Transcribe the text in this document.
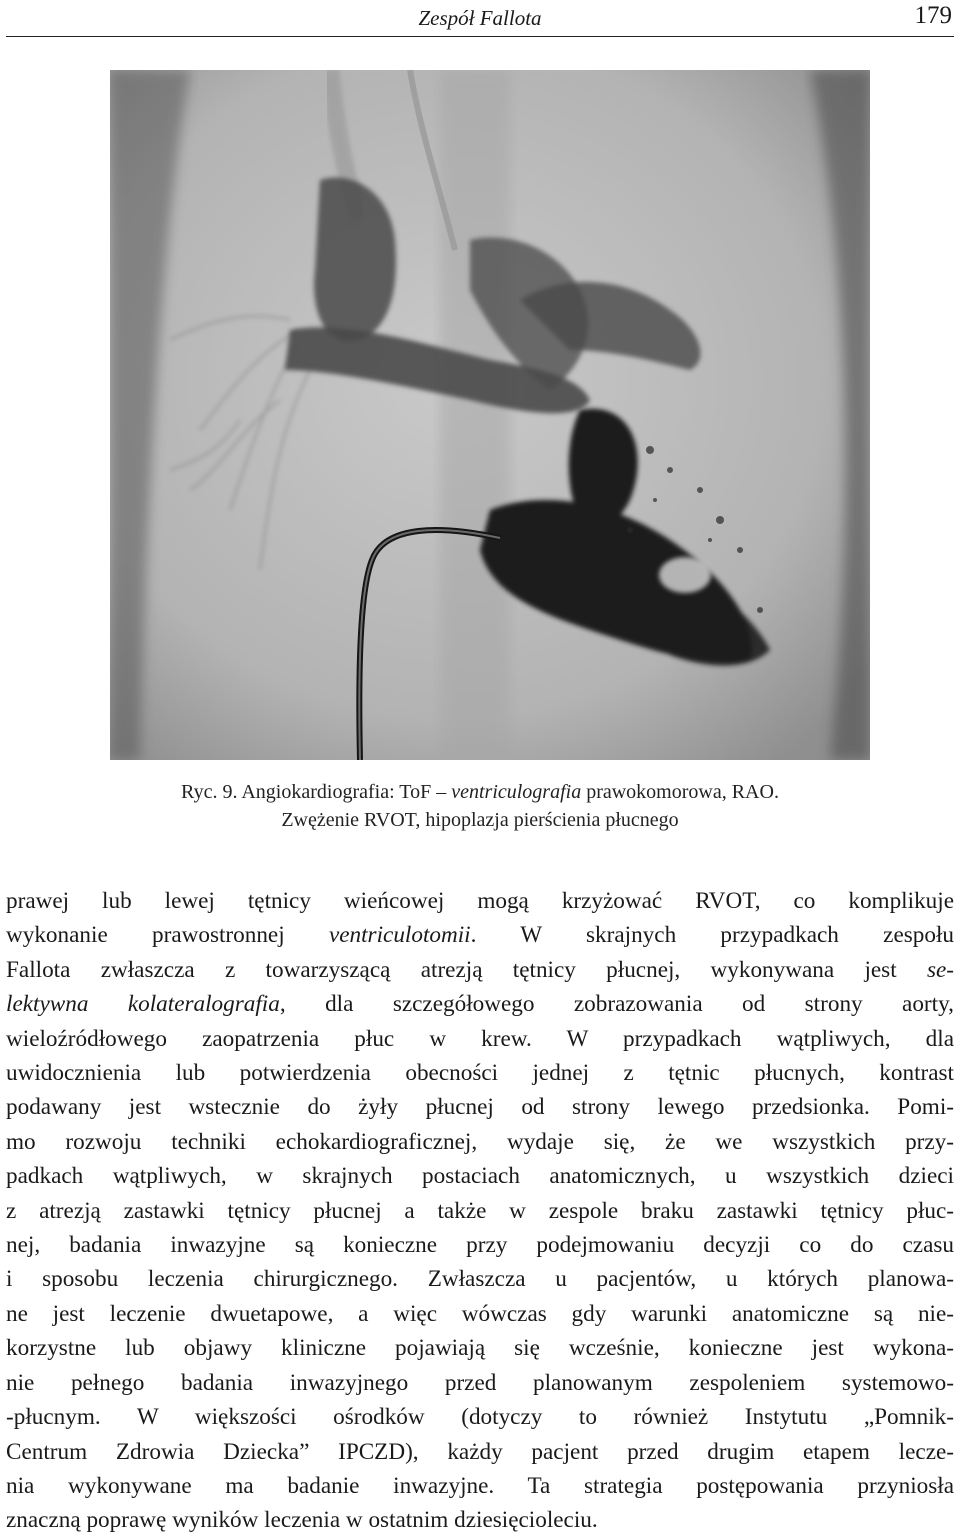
Zespół Fallota	179
Ryc. 9. Angiokardiografia: ToF – ventriculografia prawokomorowa, RAO.
Zwężenie RVOT, hipoplazja pierścienia płucnego
prawej lub lewej tętnicy wieńcowej mogą krzyżować RVOT, co komplikuje
wykonanie prawostronnej ventriculotomii. W skrajnych przypadkach zespołu
Fallota zwłaszcza z towarzyszącą atrezją tętnicy płucnej, wykonywana jest se-
lektywna kolateralografia, dla szczegółowego zobrazowania od strony aorty,
wieloźródłowego zaopatrzenia płuc w krew. W przypadkach wątpliwych, dla
uwidocznienia lub potwierdzenia obecności jednej z tętnic płucnych, kontrast
podawany jest wstecznie do żyły płucnej od strony lewego przedsionka. Pomi-
mo rozwoju techniki echokardiograficznej, wydaje się, że we wszystkich przy-
padkach wątpliwych, w skrajnych postaciach anatomicznych, u wszystkich dzieci
z atrezją zastawki tętnicy płucnej a także w zespole braku zastawki tętnicy płuc-
nej, badania inwazyjne są konieczne przy podejmowaniu decyzji co do czasu
i sposobu leczenia chirurgicznego. Zwłaszcza u pacjentów, u których planowa-
ne jest leczenie dwuetapowe, a więc wówczas gdy warunki anatomiczne są nie-
korzystne lub objawy kliniczne pojawiają się wcześnie, konieczne jest wykona-
nie pełnego badania inwazyjnego przed planowanym zespoleniem systemowo-
-płucnym. W większości ośrodków (dotyczy to również Instytutu „Pomnik-
Centrum Zdrowia Dziecka” IPCZD), każdy pacjent przed drugim etapem lecze-
nia wykonywane ma badanie inwazyjne. Ta strategia postępowania przyniosła
znaczną poprawę wyników leczenia w ostatnim dziesięcioleciu.
